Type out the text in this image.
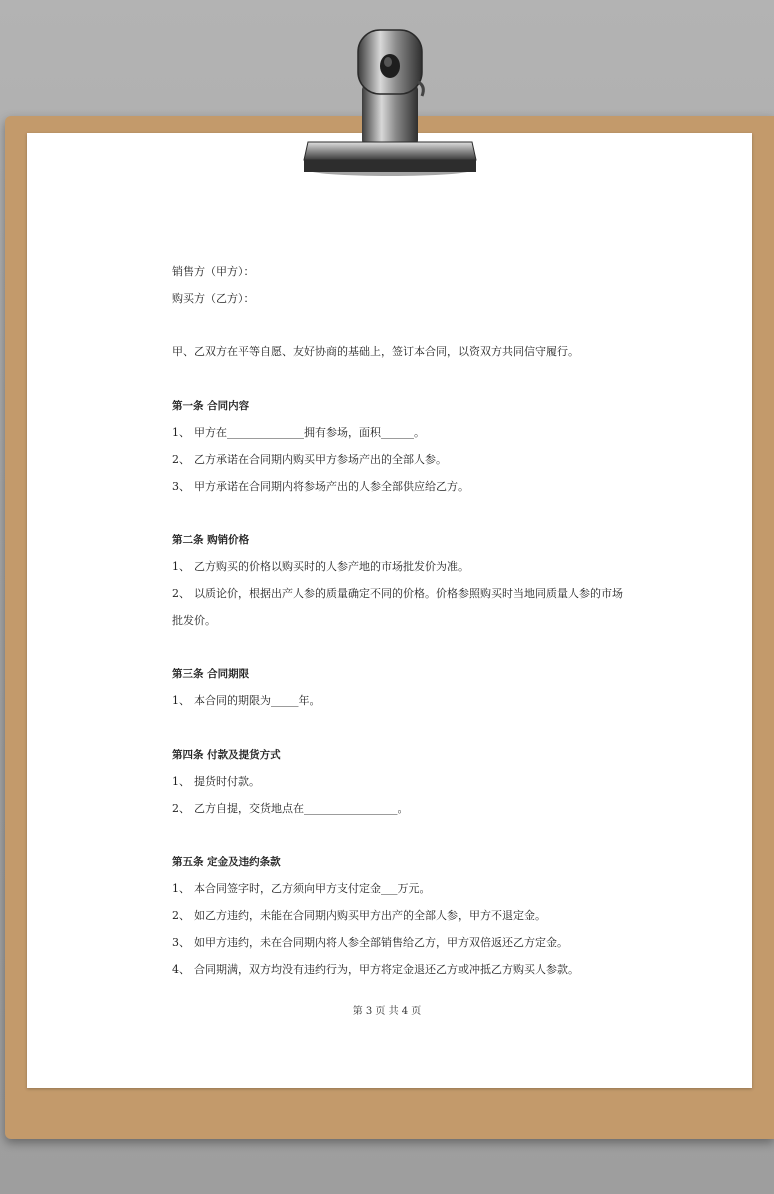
销售方（甲方）：
购买方（乙方）：
甲、乙双方在平等自愿、友好协商的基础上，签订本合同，以资双方共同信守履行。
第一条 合同内容
1、 甲方在______________拥有参场，面积______。
2、 乙方承诺在合同期内购买甲方参场产出的全部人参。
3、 甲方承诺在合同期内将参场产出的人参全部供应给乙方。
第二条 购销价格
1、 乙方购买的价格以购买时的人参产地的市场批发价为准。
2、 以质论价，根据出产人参的质量确定不同的价格。价格参照购买时当地同质量人参的市场
批发价。
第三条 合同期限
1、 本合同的期限为_____年。
第四条 付款及提货方式
1、 提货时付款。
2、 乙方自提，交货地点在_________________。
第五条 定金及违约条款
1、 本合同签字时，乙方须向甲方支付定金___万元。
2、 如乙方违约，未能在合同期内购买甲方出产的全部人参，甲方不退定金。
3、 如甲方违约，未在合同期内将人参全部销售给乙方，甲方双倍返还乙方定金。
4、 合同期满，双方均没有违约行为，甲方将定金退还乙方或冲抵乙方购买人参款。
第 3 页 共 4 页
